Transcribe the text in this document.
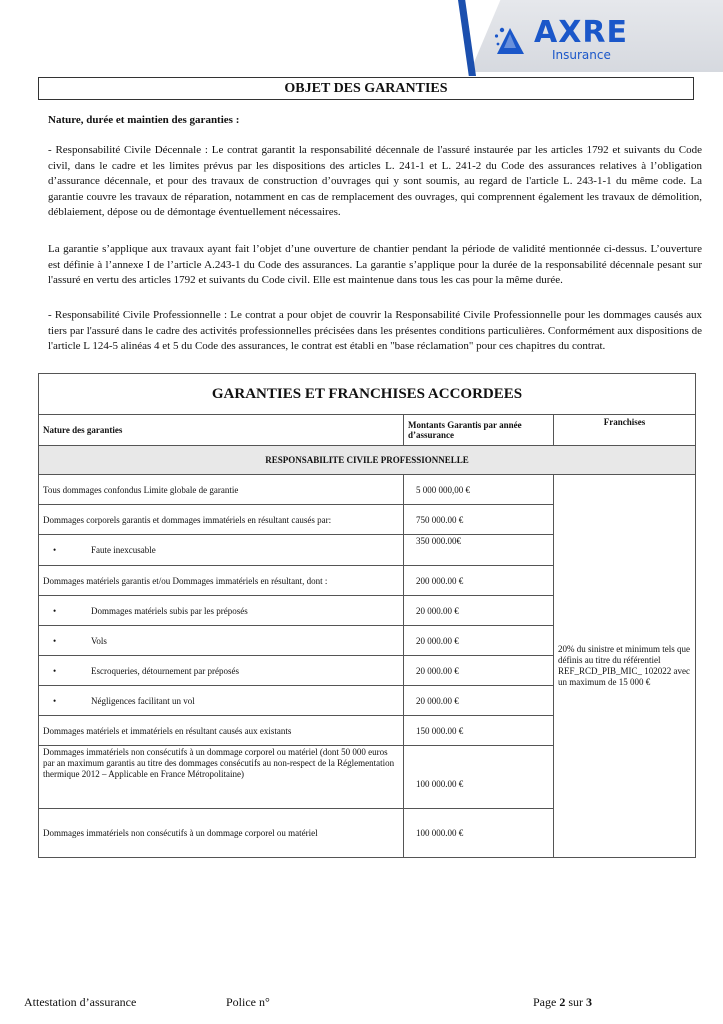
AXRE
Insurance
OBJET DES GARANTIES
Nature, durée et maintien des garanties :

- Responsabilité Civile Décennale : Le contrat garantit la responsabilité décennale de l'assuré instaurée par les articles 1792 et suivants du Code civil, dans le cadre et les limites prévus par les dispositions des articles L. 241-1 et L. 241-2 du Code des assurances relatives à l’obligation d’assurance décennale, et pour des travaux de construction d’ouvrages qui y sont soumis, au regard de l'article L. 243-1-1 du même code. La garantie couvre les travaux de réparation, notamment en cas de remplacement des ouvrages, qui comprennent également les travaux de démolition, déblaiement, dépose ou de démontage éventuellement nécessaires.

La garantie s’applique aux travaux ayant fait l’objet d’une ouverture de chantier pendant la période de validité mentionnée ci-dessus. L’ouverture est définie à l’annexe I de l’article A.243-1 du Code des assurances. La garantie s’applique pour la durée de la responsabilité décennale pesant sur l'assuré en vertu des articles 1792 et suivants du Code civil. Elle est maintenue dans tous les cas pour la même durée.

- Responsabilité Civile Professionnelle : Le contrat a pour objet de couvrir la Responsabilité Civile Professionnelle pour les dommages causés aux tiers par l'assuré dans le cadre des activités professionnelles précisées dans les présentes conditions particulières. Conformément aux dispositions de l'article L 124-5 alinéas 4 et 5 du Code des assurances, le contrat est établi en "base réclamation" pour ces chapitres du contrat.

GARANTIES ET FRANCHISES ACCORDEES		
Nature des garanties	Montants Garantis par année d’assurance	Franchises
RESPONSABILITE CIVILE PROFESSIONNELLE		
Tous dommages confondus Limite globale de garantie	5 000 000,00 €	20% du sinistre et minimum tels que définis au titre du référentiel REF_RCD_PIB_MIC_ 102022 avec un maximum de 15 000 €
Dommages corporels garantis et dommages immatériels en résultant causés par:	750 000.00 €	
• Faute inexcusable	350 000.00€	
Dommages matériels garantis et/ou Dommages immatériels en résultant, dont :	200 000.00 €	
• Dommages matériels subis par les préposés	20 000.00 €	
• Vols	20 000.00 €	
• Escroqueries, détournement par préposés	20 000.00 €	
• Négligences facilitant un vol	20 000.00 €	
Dommages matériels et immatériels en résultant causés aux existants	150 000.00 €	
Dommages immatériels non consécutifs à un dommage corporel ou matériel (dont 50 000 euros par an maximum garantis au titre des dommages consécutifs au non-respect de la Réglementation thermique 2012 – Applicable en France Métropolitaine)	100 000.00 €	
Dommages immatériels non consécutifs à un dommage corporel ou matériel	100 000.00 €	
Attestation d’assurance	Police n°	Page 2 sur 3
